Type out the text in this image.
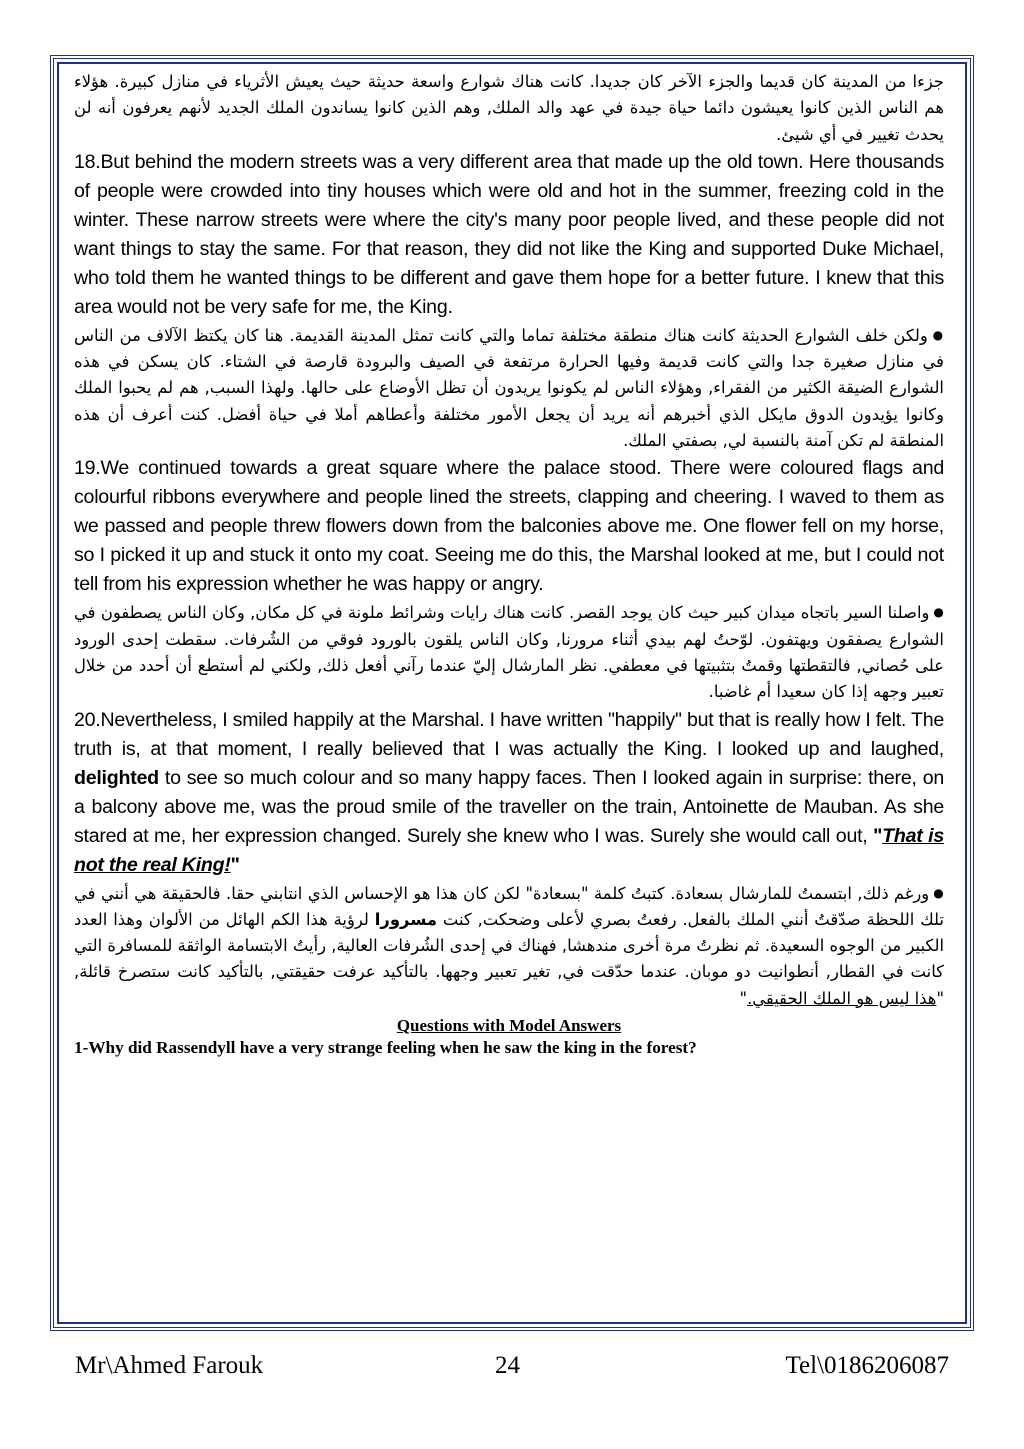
جزءا من المدينة كان قديما والجزء الآخر كان جديدا. كانت هناك شوارع واسعة حديثة حيث يعيش الأثرياء في منازل كبيرة. هؤلاء هم الناس الذين كانوا يعيشون دائما حياة جيدة في عهد والد الملك, وهم الذين كانوا يساندون الملك الجديد لأنهم يعرفون أنه لن يحدث تغيير في أي شيئ.

18.But behind the modern streets was a very different area that made up the old town. Here thousands of people were crowded into tiny houses which were old and hot in the summer, freezing cold in the winter. These narrow streets were where the city's many poor people lived, and these people did not want things to stay the same. For that reason, they did not like the King and supported Duke Michael, who told them he wanted things to be different and gave them hope for a better future. I knew that this area would not be very safe for me, the King.

● ولكن خلف الشوارع الحديثة كانت هناك منطقة مختلفة تماما والتي كانت تمثل المدينة القديمة. هنا كان يكتظ الآلاف من الناس في منازل صغيرة جدا والتي كانت قديمة وفيها الحرارة مرتفعة في الصيف والبرودة قارصة في الشتاء. كان يسكن في هذه الشوارع الضيقة الكثير من الفقراء, وهؤلاء الناس لم يكونوا يريدون أن تظل الأوضاع على حالها. ولهذا السبب, هم لم يحبوا الملك وكانوا يؤيدون الدوق مايكل الذي أخبرهم أنه يريد أن يجعل الأمور مختلفة وأعطاهم أملا في حياة أفضل. كنت أعرف أن هذه المنطقة لم تكن آمنة بالنسبة لي, بصفتي الملك.

19.We continued towards a great square where the palace stood. There were coloured flags and colourful ribbons everywhere and people lined the streets, clapping and cheering. I waved to them as we passed and people threw flowers down from the balconies above me. One flower fell on my horse, so I picked it up and stuck it onto my coat. Seeing me do this, the Marshal looked at me, but I could not tell from his expression whether he was happy or angry.

● واصلنا السير باتجاه ميدان كبير حيث كان يوجد القصر. كانت هناك رايات وشرائط ملونة في كل مكان, وكان الناس يصطفون في الشوارع يصفقون ويهتفون. لوّحتُ لهم بيدي أثناء مرورنا, وكان الناس يلقون بالورود فوقي من الشُرفات. سقطت إحدى الورود على حُصاني, فالتقطتها وقمتُ بتثبيتها في معطفي. نظر المارشال إليّ عندما رآني أفعل ذلك, ولكني لم أستطع أن أحدد من خلال تعبير وجهه إذا كان سعيدا أم غاضبا.

20.Nevertheless, I smiled happily at the Marshal. I have written "happily" but that is really how I felt. The truth is, at that moment, I really believed that I was actually the King. I looked up and laughed, delighted to see so much colour and so many happy faces. Then I looked again in surprise: there, on a balcony above me, was the proud smile of the traveller on the train, Antoinette de Mauban. As she stared at me, her expression changed. Surely she knew who I was. Surely she would call out, "That is not the real King!"

● ورغم ذلك, ابتسمتُ للمارشال بسعادة. كتبتُ كلمة "بسعادة" لكن كان هذا هو الإحساس الذي انتابني حقا. فالحقيقة هي أنني في تلك اللحظة صدّقتُ أنني الملك بالفعل. رفعتُ بصري لأعلى وضحكت, كنت مسرورا لرؤية هذا الكم الهائل من الألوان وهذا العدد الكبير من الوجوه السعيدة. ثم نظرتُ مرة أخرى مندهشا, فهناك في إحدى الشُرفات العالية, رأيتُ الابتسامة الواثقة للمسافرة التي كانت في القطار, أنطوانيت دو موبان. عندما حدّقت في, تغير تعبير وجهها. بالتأكيد عرفت حقيقتي, بالتأكيد كانت ستصرخ قائلة, "هذا ليس هو الملك الحقيقي."

Questions with Model Answers
1-Why did Rassendyll have a very strange feeling when he saw the king in the forest?
Mr\Ahmed Farouk	24	Tel\0186206087
